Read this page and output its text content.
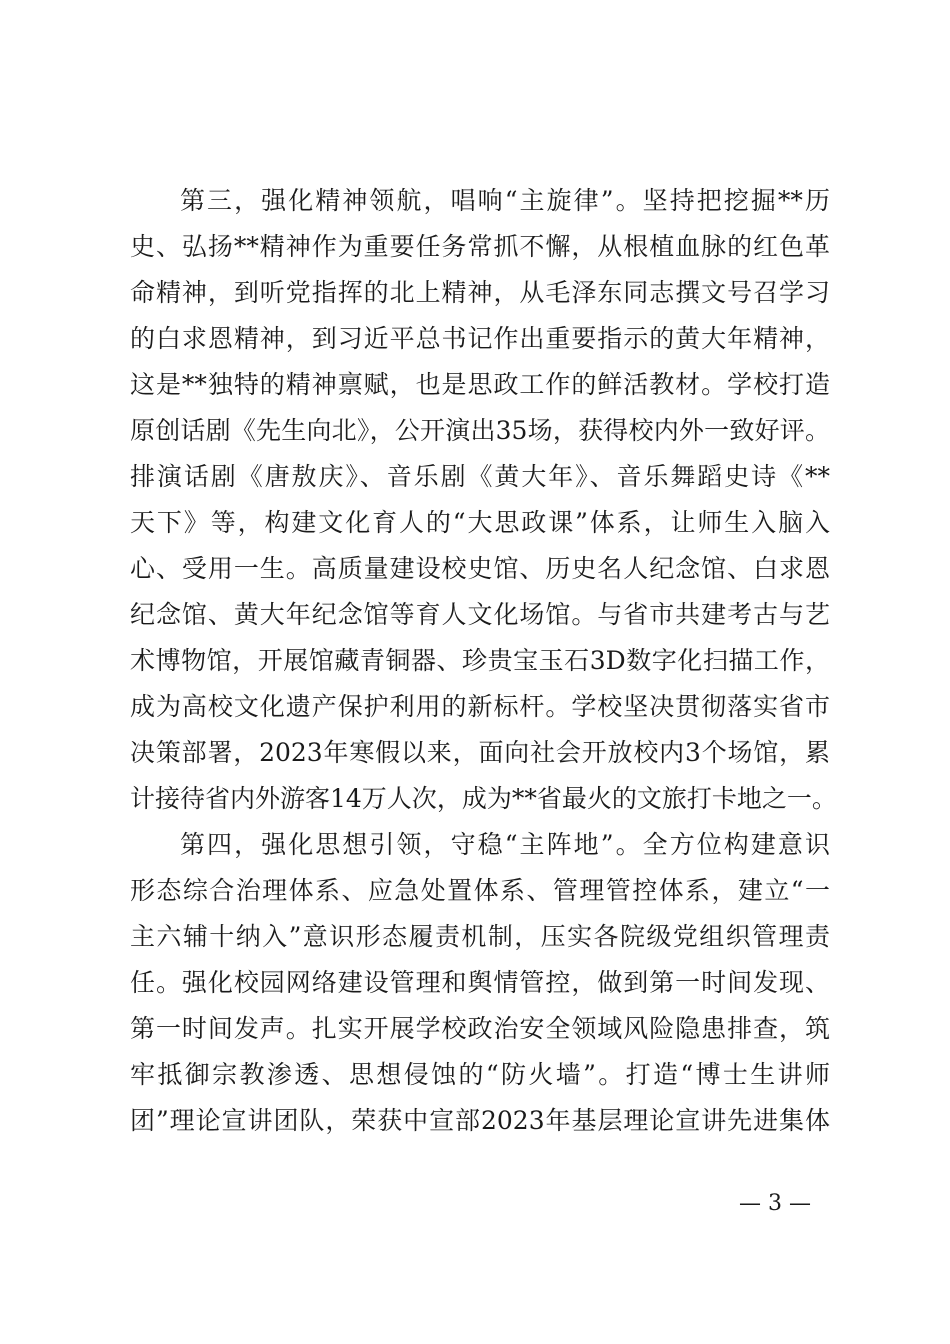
第三，强化精神领航，唱响“主旋律”。坚持把挖掘**历
史、弘扬**精神作为重要任务常抓不懈，从根植血脉的红色革
命精神，到听党指挥的北上精神，从毛泽东同志撰文号召学习
的白求恩精神，到习近平总书记作出重要指示的黄大年精神，
这是**独特的精神禀赋，也是思政工作的鲜活教材。学校打造
原创话剧《先生向北》，公开演出35场，获得校内外一致好评。
排演话剧《唐敖庆》、音乐剧《黄大年》、音乐舞蹈史诗《**
天下》等，构建文化育人的“大思政课”体系，让师生入脑入
心、受用一生。高质量建设校史馆、历史名人纪念馆、白求恩
纪念馆、黄大年纪念馆等育人文化场馆。与省市共建考古与艺
术博物馆，开展馆藏青铜器、珍贵宝玉石3D数字化扫描工作，
成为高校文化遗产保护利用的新标杆。学校坚决贯彻落实省市
决策部署，2023年寒假以来，面向社会开放校内3个场馆，累
计接待省内外游客14万人次，成为**省最火的文旅打卡地之一。
第四，强化思想引领，守稳“主阵地”。全方位构建意识
形态综合治理体系、应急处置体系、管理管控体系，建立“一
主六辅十纳入”意识形态履责机制，压实各院级党组织管理责
任。强化校园网络建设管理和舆情管控，做到第一时间发现、
第一时间发声。扎实开展学校政治安全领域风险隐患排查，筑
牢抵御宗教渗透、思想侵蚀的“防火墙”。打造“博士生讲师
团”理论宣讲团队，荣获中宣部2023年基层理论宣讲先进集体
— 3 —
